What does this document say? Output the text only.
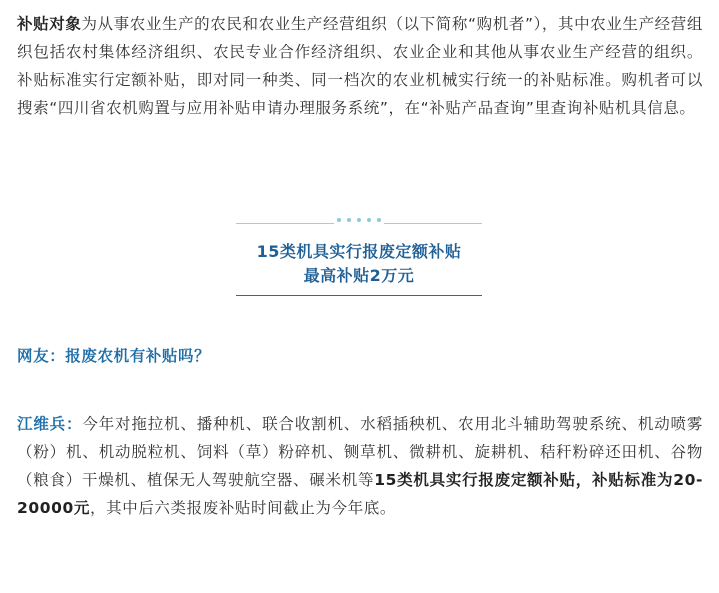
补贴对象为从事农业生产的农民和农业生产经营组织（以下简称“购机者”），其中农业生产经营组织包括农村集体经济组织、农民专业合作经济组织、农业企业和其他从事农业生产经营的组织。补贴标准实行定额补贴，即对同一种类、同一档次的农业机械实行统一的补贴标准。购机者可以搜索“四川省农机购置与应用补贴申请办理服务系统”，在“补贴产品查询”里查询补贴机具信息。

15类机具实行报废定额补贴
最高补贴2万元
网友：报废农机有补贴吗？

江维兵：今年对拖拉机、播种机、联合收割机、水稻插秧机、农用北斗辅助驾驶系统、机动喷雾（粉）机、机动脱粒机、饲料（草）粉碎机、铡草机、微耕机、旋耕机、秸秆粉碎还田机、谷物（粮食）干燥机、植保无人驾驶航空器、碾米机等15类机具实行报废定额补贴，补贴标准为20-20000元，其中后六类报废补贴时间截止为今年底。
